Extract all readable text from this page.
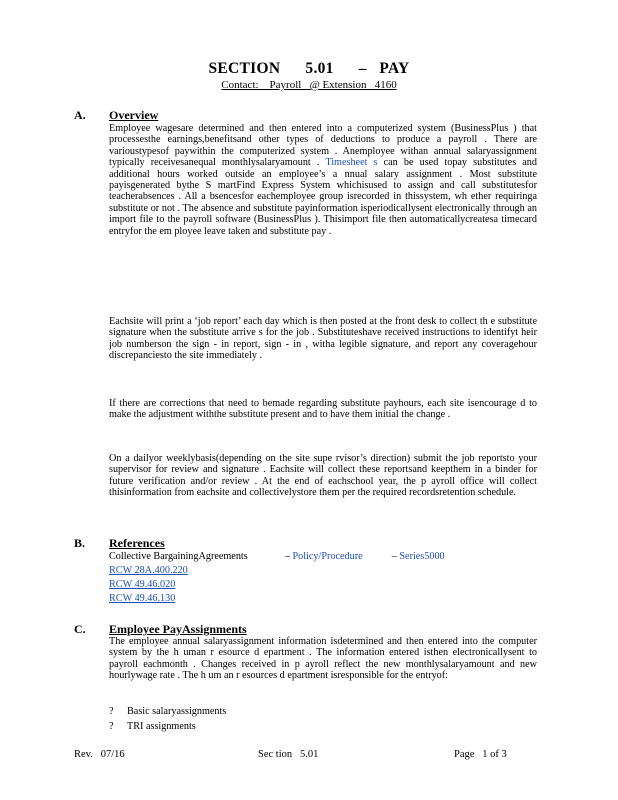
SECTION      5.01      –   PAY
Contact:    Payroll   @ Extension   4160
A. Overview
Employee wagesare determined and then entered into a computerized system (BusinessPlus ) that processesthe earnings,benefitsand other types of deductions to produce a payroll . There are varioustypesof paywithin the computerized system . Anemployee withan annual salaryassignment typically receivesanequal monthlysalaryamount . Timesheet s can be used topay substitutes and additional hours worked outside an employee’s a nnual salary assignment . Most substitute payisgenerated bythe S martFind Express System whichisused to assign and call substitutesfor teacherabsences . All a bsencesfor eachemployee group isrecorded in thissystem, wh ether requiringa substitute or not . The absence and substitute payinformation isperiodicallysent electronically through an import file to the payroll software (BusinessPlus ). Thisimport file then automaticallycreatesa timecard entryfor the em ployee leave taken and substitute pay .
Eachsite will print a ‘job report’ each day which is then posted at the front desk to collect th e substitute signature when the substitute arrive s for the job . Substituteshave received instructions to identifyt heir job numberson the sign - in report, sign - in , witha legible signature, and report any coveragehour discrepanciesto the site immediately .
If there are corrections that need to bemade regarding substitute payhours, each site isencourage d to make the adjustment withthe substitute present and to have them initial the change .
On a dailyor weeklybasis(depending on the site supe rvisor’s direction) submit the job reportsto your supervisor for review and signature . Eachsite will collect these reportsand keepthem in a binder for future verification and/or review . At the end of eachschool year, the p ayroll office will collect thisinformation from eachsite and collectivelystore them per the required recordsretention schedule.
B. References
Collective BargainingAgreements	– Policy/Procedure	– Series5000
RCW 28A.400.220
RCW 49.46.020
RCW 49.46.130
C. Employee PayAssignments
The employee annual salaryassignment information isdetermined and then entered into the computer system by the h uman r esource d epartment . The information entered isthen electronicallysent to payroll eachmonth . Changes received in p ayroll reflect the new monthlysalaryamount and new hourlywage rate . The h um an r esources d epartment isresponsible for the entryof:
? Basic salaryassignments
? TRI assignments
Rev.   07/16	Sec tion   5.01	Page   1 of 3
